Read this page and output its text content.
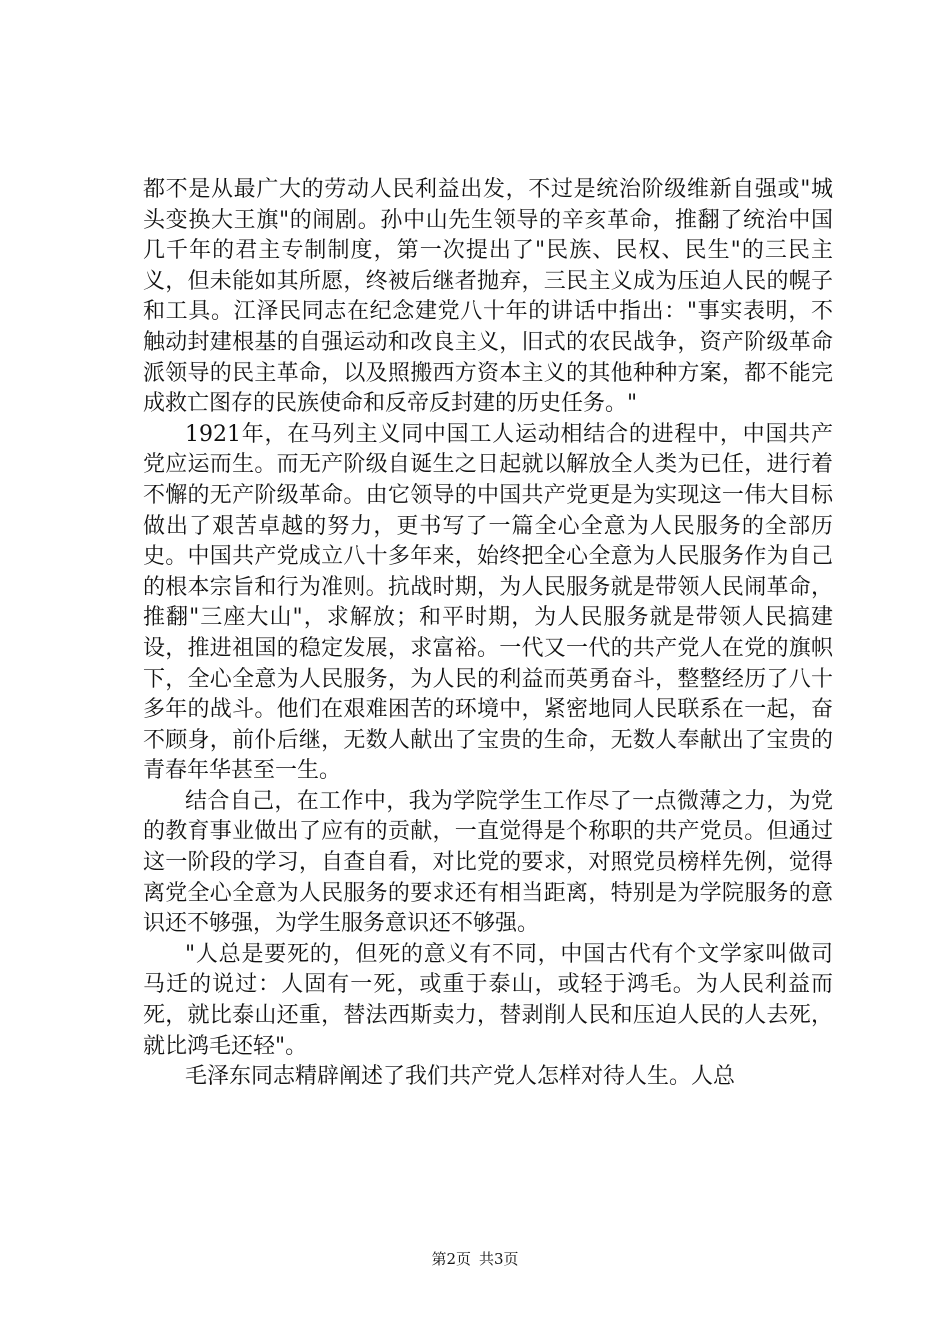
都不是从最广大的劳动人民利益出发，不过是统治阶级维新自强或"城头变换大王旗"的闹剧。孙中山先生领导的辛亥革命，推翻了统治中国几千年的君主专制制度，第一次提出了"民族、民权、民生"的三民主义，但未能如其所愿，终被后继者抛弃，三民主义成为压迫人民的幌子和工具。江泽民同志在纪念建党八十年的讲话中指出："事实表明，不触动封建根基的自强运动和改良主义，旧式的农民战争，资产阶级革命派领导的民主革命，以及照搬西方资本主义的其他种种方案，都不能完成救亡图存的民族使命和反帝反封建的历史任务。"

1921年，在马列主义同中国工人运动相结合的进程中，中国共产党应运而生。而无产阶级自诞生之日起就以解放全人类为已任，进行着不懈的无产阶级革命。由它领导的中国共产党更是为实现这一伟大目标做出了艰苦卓越的努力，更书写了一篇全心全意为人民服务的全部历史。中国共产党成立八十多年来，始终把全心全意为人民服务作为自己的根本宗旨和行为准则。抗战时期，为人民服务就是带领人民闹革命，推翻"三座大山"，求解放；和平时期，为人民服务就是带领人民搞建设，推进祖国的稳定发展，求富裕。一代又一代的共产党人在党的旗帜下，全心全意为人民服务，为人民的利益而英勇奋斗，整整经历了八十多年的战斗。他们在艰难困苦的环境中，紧密地同人民联系在一起，奋不顾身，前仆后继，无数人献出了宝贵的生命，无数人奉献出了宝贵的青春年华甚至一生。

结合自己，在工作中，我为学院学生工作尽了一点微薄之力，为党的教育事业做出了应有的贡献，一直觉得是个称职的共产党员。但通过这一阶段的学习，自查自看，对比党的要求，对照党员榜样先例，觉得离党全心全意为人民服务的要求还有相当距离，特别是为学院服务的意识还不够强，为学生服务意识还不够强。

"人总是要死的，但死的意义有不同，中国古代有个文学家叫做司马迁的说过：人固有一死，或重于泰山，或轻于鸿毛。为人民利益而死，就比泰山还重，替法西斯卖力，替剥削人民和压迫人民的人去死，就比鸿毛还轻"。

毛泽东同志精辟阐述了我们共产党人怎样对待人生。人总

第2页 共3页
